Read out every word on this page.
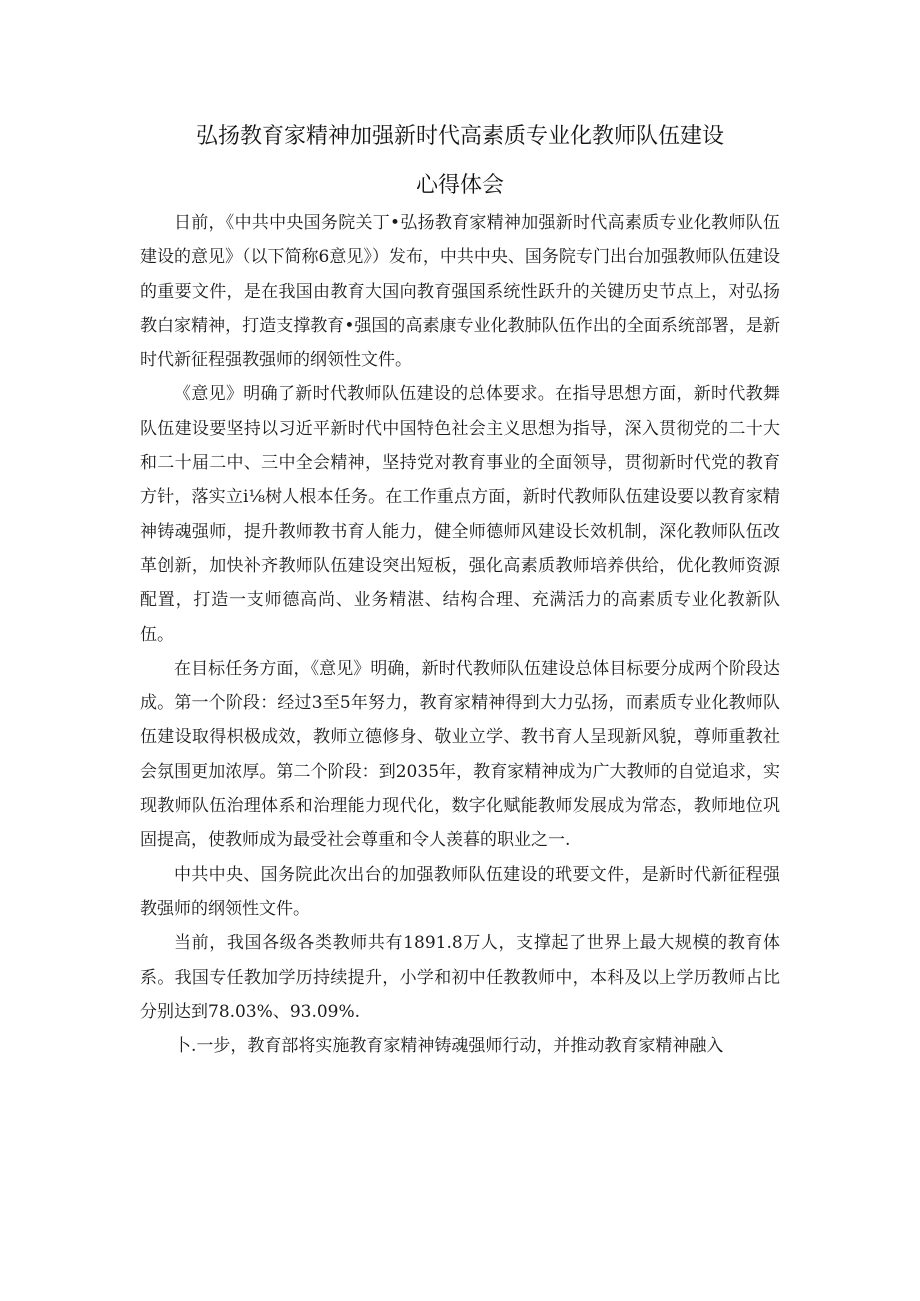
弘扬教育家精神加强新时代高素质专业化教师队伍建设
心得体会

日前，《中共中央国务院关丁•弘扬教育家精神加强新时代高素质专业化教师队伍建设的意见》（以下简称6意见》）发布，中共中央、国务院专门出台加强教师队伍建设的重要文件，是在我国由教育大国向教育强国系统性跃升的关键历史节点上，对弘扬教白家精神，打造支撑教育•强国的高素康专业化教肺队伍作出的全面系统部署，是新时代新征程强教强师的纲领性文件。

《意见》明确了新时代教师队伍建设的总体要求。在指导思想方面，新时代教舞队伍建设要坚持以习近平新时代中国特色社会主义思想为指导，深入贯彻党的二十大和二十届二中、三中全会精神，坚持党对教育事业的全面领导，贯彻新时代党的教育方针，落实立i⅛树人根本任务。在工作重点方面，新时代教师队伍建设要以教育家精神铸魂强师，提升教师教书育人能力，健全师德师风建设长效机制，深化教师队伍改革创新，加快补齐教师队伍建设突出短板，强化高素质教师培养供给，优化教师资源配置，打造一支师德高尚、业务精湛、结构合理、充满活力的高素质专业化教新队伍。

在目标任务方面，《意见》明确，新时代教师队伍建设总体目标要分成两个阶段达成。第一个阶段：经过3至5年努力，教育家精神得到大力弘扬，而素质专业化教师队伍建设取得枳极成效，教师立德修身、敬业立学、教书育人呈现新风貌，尊师重教社会氛围更加浓厚。第二个阶段：到2035年，教育家精神成为广大教师的自觉追求，实现教师队伍治理体系和治理能力现代化，数字化赋能教师发展成为常态，教师地位巩固提高，使教师成为最受社会尊重和令人羡暮的职业之一.

中共中央、国务院此次出台的加强教师队伍建设的玳要文件，是新时代新征程强教强师的纲领性文件。

当前，我国各级各类教师共有1891.8万人，支撑起了世界上最大规模的教育体系。我国专任教加学历持续提升，小学和初中任教教师中，本科及以上学历教师占比分别达到78.03%、93.09%.

卜.一步，教育部将实施教育家精神铸魂强师行动，并推动教育家精神融入
